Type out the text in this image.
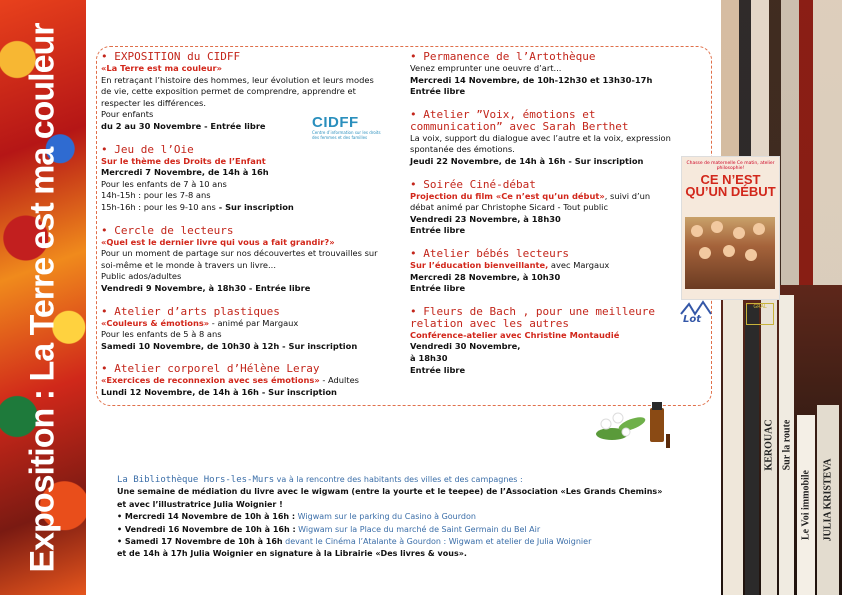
Exposition : La Terre est ma couleur	KEROUAC Sur la route
Le Voi immobile JULIA KRISTEVA
• EXPOSITION du CIDFF
«La Terre est ma couleur»
En retraçant l’histoire des hommes, leur évolution et leurs modes de vie, cette exposition permet de comprendre, apprendre et respecter les différences.
Pour enfants
du 2 au 30 Novembre - Entrée libre
• Jeu de l’Oie
Sur le thème des Droits de l’Enfant
Mercredi 7 Novembre, de 14h à 16h
Pour les enfants de 7 à 10 ans
14h-15h : pour les 7-8 ans
15h-16h : pour les 9-10 ans - Sur inscription
• Cercle de lecteurs
«Quel est le dernier livre qui vous a fait grandir?»
Pour un moment de partage sur nos découvertes et trouvailles sur soi-même et le monde à travers un livre...
Public ados/adultes
Vendredi 9 Novembre, à 18h30 - Entrée libre
• Atelier d’arts plastiques
«Couleurs & émotions» - animé par Margaux
Pour les enfants de 5 à 8 ans
Samedi 10 Novembre, de 10h30 à 12h - Sur inscription
• Atelier corporel d’Hélène Leray
«Exercices de reconnexion avec ses émotions» - Adultes
Lundi 12 Novembre, de 14h à 16h - Sur inscription
CIDFF
Centre d’information sur les droits des femmes et des familles
• Permanence de l’Artothèque
Venez emprunter une oeuvre d’art...
Mercredi 14 Novembre, de 10h-12h30 et 13h30-17h
Entrée libre
• Atelier ”Voix, émotions et communication” avec Sarah Berthet
La voix, support du dialogue avec l’autre et la voix, expression spontanée des émotions.
Jeudi 22 Novembre, de 14h à 16h - Sur inscription
• Soirée Ciné-débat
Projection du film «Ce n’est qu’un début», suivi d’un débat animé par Christophe Sicard - Tout public
Vendredi 23 Novembre, à 18h30
Entrée libre
• Atelier bébés lecteurs
Sur l’éducation bienveillante, avec Margaux
Mercredi 28 Novembre, à 10h30
Entrée libre
• Fleurs de Bach , pour une meilleure relation avec les autres
Conférence-atelier avec Christine Montaudié
Vendredi 30 Novembre,
à 18h30
Entrée libre
Chasse de maternelle Ce matin, atelier philosophie!
CE N’EST QU’UN DÉBUT
Lot
GRAL
La Bibliothèque Hors-les-Murs va à la rencontre des habitants des villes et des campagnes :
Une semaine de médiation du livre avec le wigwam (entre la yourte et le teepee) de l’Association «Les Grands Chemins»
et avec l’illustratrice Julia Woignier !
• Mercredi 14 Novembre de 10h à 16h : Wigwam sur le parking du Casino à Gourdon
• Vendredi 16 Novembre de 10h à 16h : Wigwam sur la Place du marché de Saint Germain du Bel Air
• Samedi 17 Novembre de 10h à 16h devant le Cinéma l’Atalante à Gourdon : Wigwam et atelier de Julia Woignier
et de 14h à 17h Julia Woignier en signature à la Librairie «Des livres & vous».
